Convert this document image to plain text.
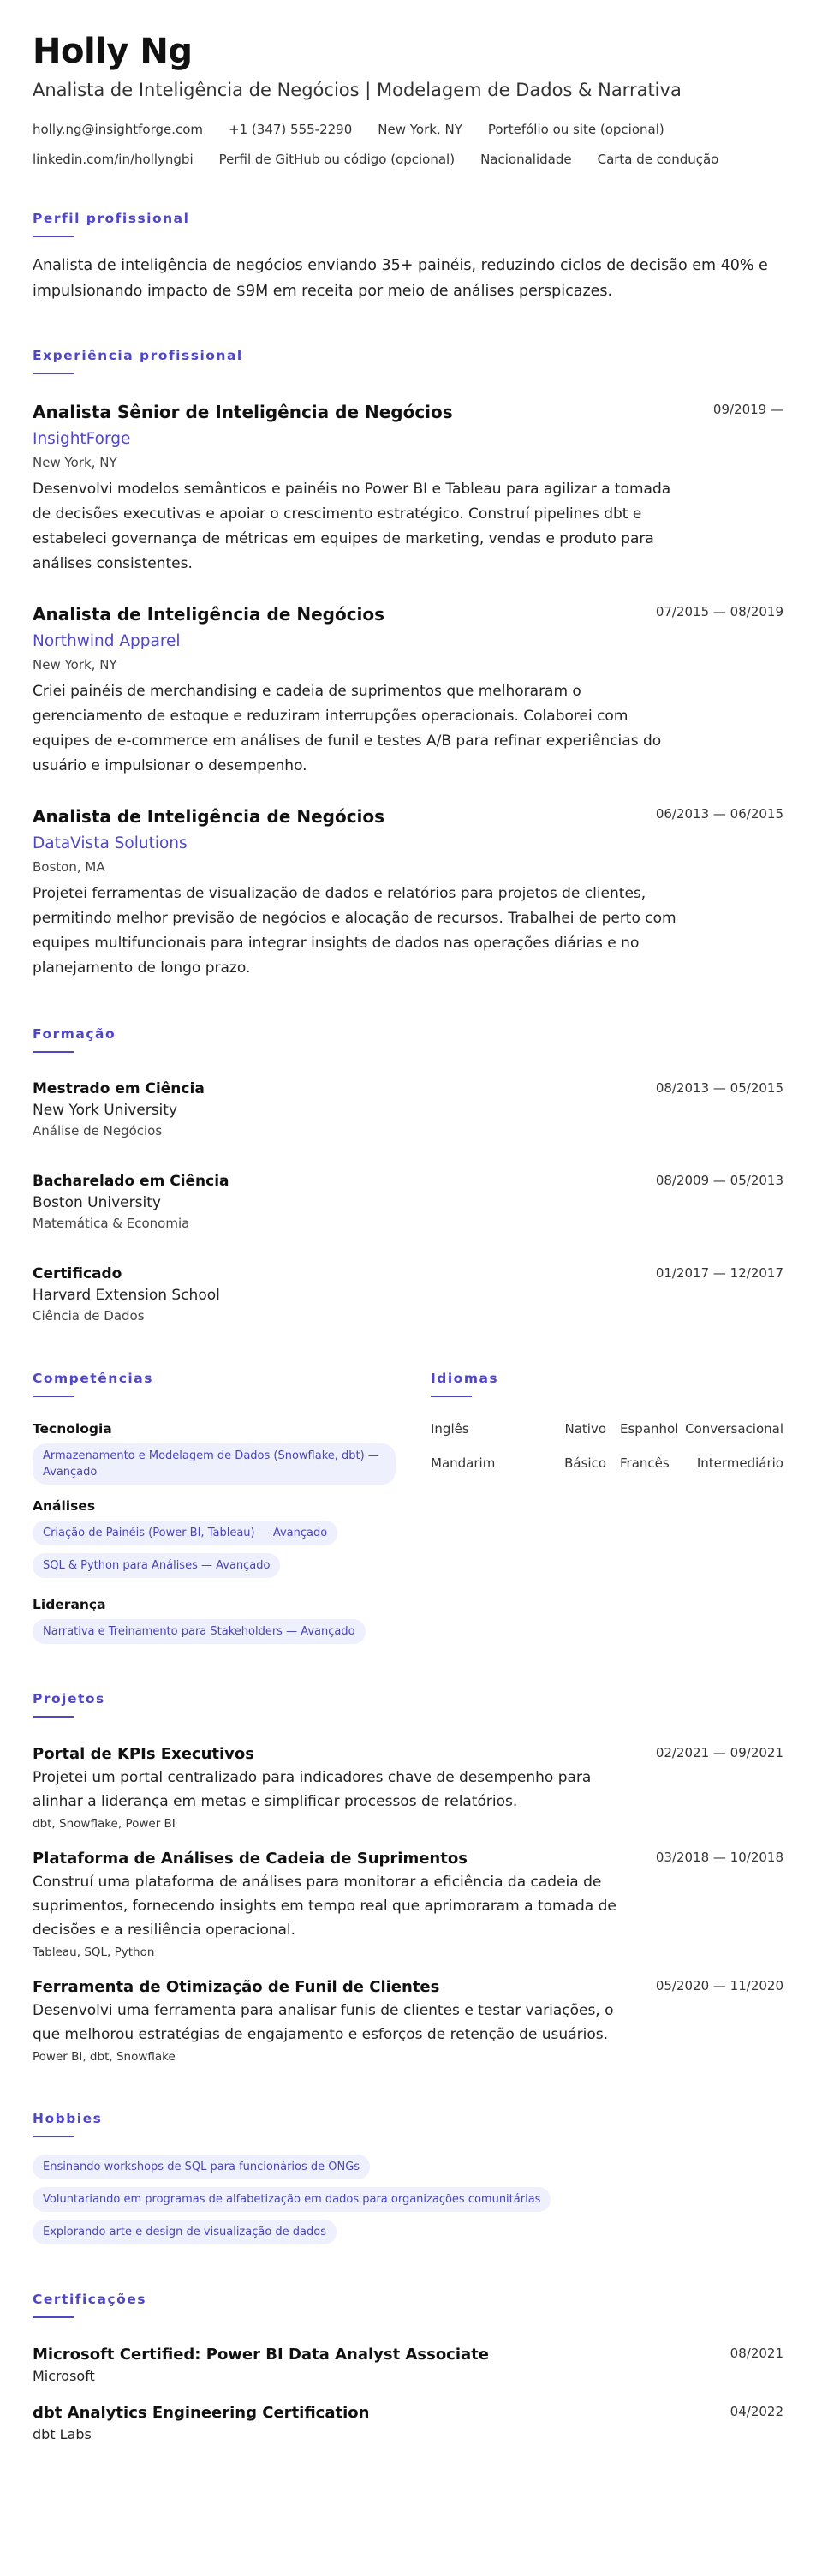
Holly Ng
Analista de Inteligência de Negócios | Modelagem de Dados & Narrativa
holly.ng@insightforge.com +1 (347) 555-2290 New York, NY Portefólio ou site (opcional)
linkedin.com/in/hollyngbi Perfil de GitHub ou código (opcional) Nacionalidade Carta de condução
Perfil profissional
Analista de inteligência de negócios enviando 35+ painéis, reduzindo ciclos de decisão em 40% e impulsionando impacto de $9M em receita por meio de análises perspicazes.
Experiência profissional
Analista Sênior de Inteligência de Negócios	09/2019 —
InsightForge
New York, NY
Desenvolvi modelos semânticos e painéis no Power BI e Tableau para agilizar a tomada de decisões executivas e apoiar o crescimento estratégico. Construí pipelines dbt e estabeleci governança de métricas em equipes de marketing, vendas e produto para análises consistentes.
Analista de Inteligência de Negócios	07/2015 — 08/2019
Northwind Apparel
New York, NY
Criei painéis de merchandising e cadeia de suprimentos que melhoraram o gerenciamento de estoque e reduziram interrupções operacionais. Colaborei com equipes de e-commerce em análises de funil e testes A/B para refinar experiências do usuário e impulsionar o desempenho.
Analista de Inteligência de Negócios	06/2013 — 06/2015
DataVista Solutions
Boston, MA
Projetei ferramentas de visualização de dados e relatórios para projetos de clientes, permitindo melhor previsão de negócios e alocação de recursos. Trabalhei de perto com equipes multifuncionais para integrar insights de dados nas operações diárias e no planejamento de longo prazo.
Formação
Mestrado em Ciência	08/2013 — 05/2015
New York University
Análise de Negócios
Bacharelado em Ciência	08/2009 — 05/2013
Boston University
Matemática & Economia
Certificado	01/2017 — 12/2017
Harvard Extension School
Ciência de Dados
Competências
Tecnologia
Armazenamento e Modelagem de Dados (Snowflake, dbt) — Avançado
Análises
Criação de Painéis (Power BI, Tableau) — Avançado
SQL & Python para Análises — Avançado
Liderança
Narrativa e Treinamento para Stakeholders — Avançado
Idiomas
Inglês	Nativo	Espanhol Conversacional
Mandarim	Básico	Francês	Intermediário
Projetos
Portal de KPIs Executivos	02/2021 — 09/2021
Projetei um portal centralizado para indicadores chave de desempenho para alinhar a liderança em metas e simplificar processos de relatórios.
dbt, Snowflake, Power BI
Plataforma de Análises de Cadeia de Suprimentos	03/2018 — 10/2018
Construí uma plataforma de análises para monitorar a eficiência da cadeia de suprimentos, fornecendo insights em tempo real que aprimoraram a tomada de decisões e a resiliência operacional.
Tableau, SQL, Python
Ferramenta de Otimização de Funil de Clientes	05/2020 — 11/2020
Desenvolvi uma ferramenta para analisar funis de clientes e testar variações, o que melhorou estratégias de engajamento e esforços de retenção de usuários.
Power BI, dbt, Snowflake
Hobbies
Ensinando workshops de SQL para funcionários de ONGs
Voluntariando em programas de alfabetização em dados para organizações comunitárias
Explorando arte e design de visualização de dados
Certificações
Microsoft Certified: Power BI Data Analyst Associate	08/2021
Microsoft
dbt Analytics Engineering Certification	04/2022
dbt Labs
